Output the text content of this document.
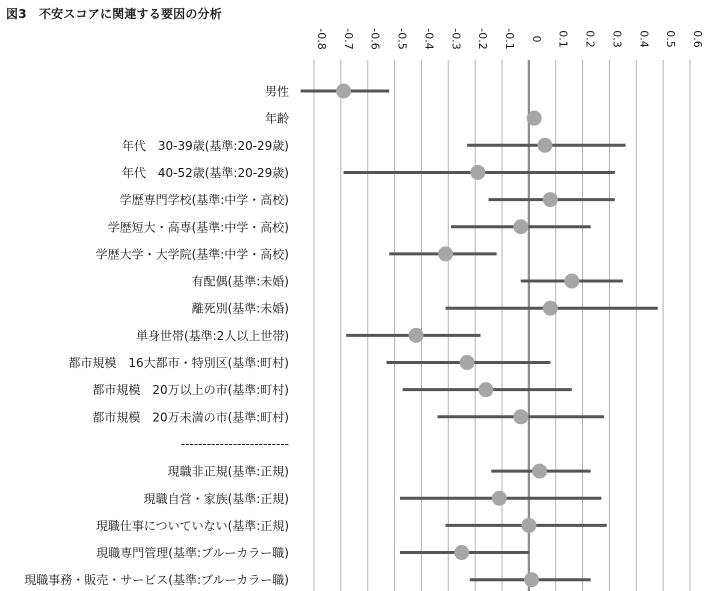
図3　不安スコアに関連する要因の分析
-0.8 -0.7 -0.6 -0.5 -0.4 -0.3 -0.2 -0.1 0 0.1 0.2 0.3 0.4 0.5 0.6
男性
年齢
年代　30-39歳(基準:20-29歳)
年代　40-52歳(基準:20-29歳)
学歴専門学校(基準:中学・高校)
学歴短大・高専(基準:中学・高校)
学歴大学・大学院(基準:中学・高校)
有配偶(基準:未婚)
離死別(基準:未婚)
単身世帯(基準:2人以上世帯)
都市規模　16大都市・特別区(基準:町村)
都市規模　20万以上の市(基準:町村)
都市規模　20万未満の市(基準:町村)
-------------------------
現職非正規(基準:正規)
現職自営・家族(基準:正規)
現職仕事についていない(基準:正規)
現職専門管理(基準:ブルーカラー職)
現職事務・販売・サービス(基準:ブルーカラー職)
